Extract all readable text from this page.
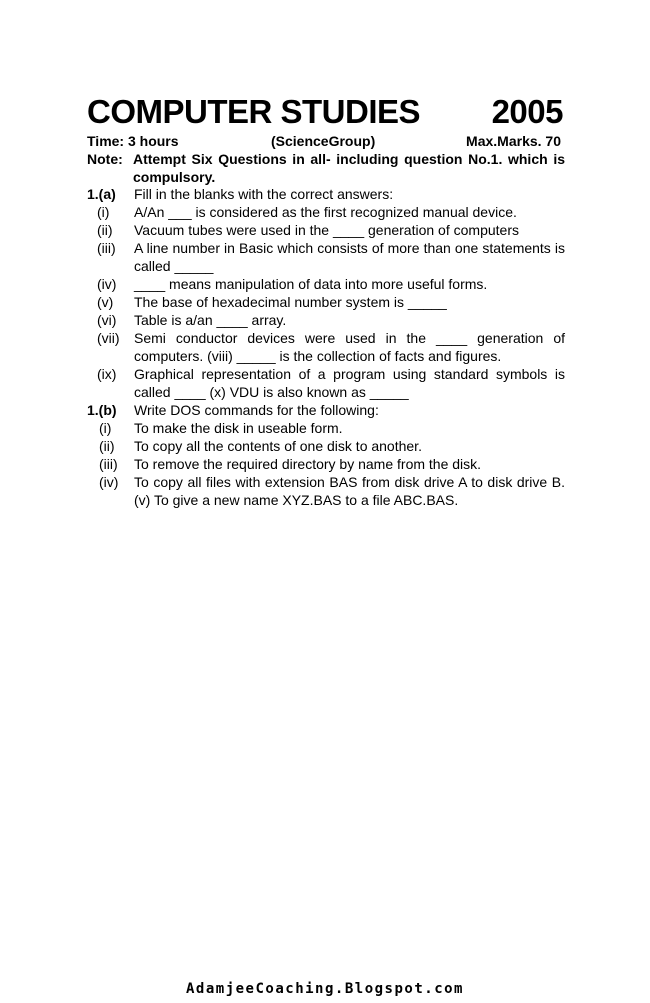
COMPUTER STUDIES 2005
Time: 3 hours	(ScienceGroup)	Max.Marks. 70
Note: Attempt Six Questions in all- including question No.1. which is compulsory.
1.(a) Fill in the blanks with the correct answers:
(i) A/An ___ is considered as the first recognized manual device.
(ii) Vacuum tubes were used in the ____ generation of computers
(iii) A line number in Basic which consists of more than one statements is called _____
(iv) ____ means manipulation of data into more useful forms.
(v) The base of hexadecimal number system is _____
(vi) Table is a/an ____ array.
(vii) Semi conductor devices were used in the ____ generation of computers. (viii) _____ is the collection of facts and figures.
(ix) Graphical representation of a program using standard symbols is called ____ (x) VDU is also known as _____
1.(b) Write DOS commands for the following:
(i) To make the disk in useable form.
(ii) To copy all the contents of one disk to another.
(iii) To remove the required directory by name from the disk.
(iv) To copy all files with extension BAS from disk drive A to disk drive B. (v) To give a new name XYZ.BAS to a file ABC.BAS.
AdamjeeCoaching.Blogspot.com
